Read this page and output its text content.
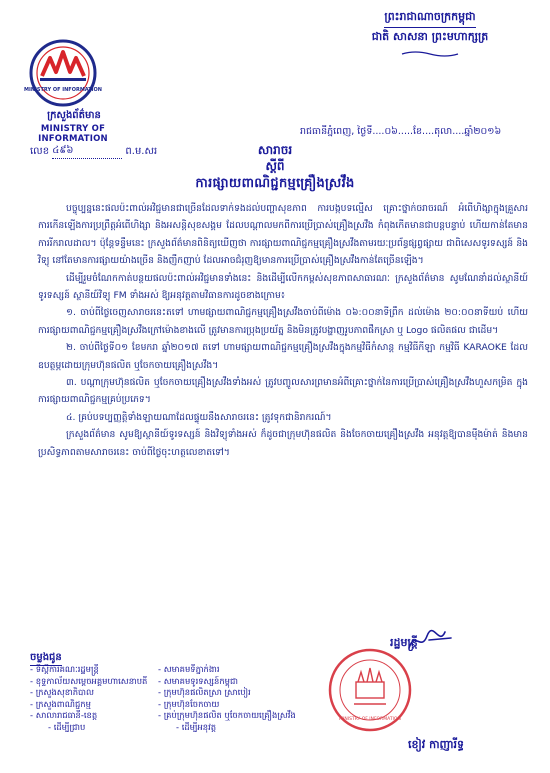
MINISTRY OF INFORMATION
ក្រសួងព័ត៌មាន
MINISTRY OF INFORMATION
លេខ ៤៩៦	ព.ម.សរ
ព្រះរាជាណាចក្រកម្ពុជា
ជាតិ សាសនា ព្រះមហាក្សត្រ
រាជធានីភ្នំពេញ, ថ្ងៃទី....០៦.....ខែ....តុលា....ឆ្នាំ២០១៦
សារាចរ
ស្តីពី
ការផ្សាយពាណិជ្ជកម្មគ្រឿងស្រវឹង

បច្ចុប្បន្ននេះផលប៉ះពាល់អវិជ្ជមានជាច្រើនដែលទាក់ទងដល់បញ្ហាសុខភាព ការបង្កបទល្មើស គ្រោះថ្នាក់ចរាចរណ៍ អំពើហិង្សាក្នុងគ្រួសារ ការកើនឡើងការប្រព្រឹត្តអំពើហិង្សា និងអសន្តិសុខសង្គម ដែលបណ្តាលមកពីការប្រើប្រាស់គ្រឿងស្រវឹង កំពុងកើតមានជាបន្តបន្ទាប់ ហើយកាន់តែមានការរីករាលដាល។ ប៉ុន្តែទន្ទឹមនេះ ក្រសួងព័ត៌មានពិនិត្យឃើញថា ការផ្សាយពាណិជ្ជកម្មគ្រឿងស្រវឹងតាមរយៈប្រព័ន្ធផ្សព្វផ្សាយ ជាពិសេសទូរទស្សន៍ និងវិទ្យុ នៅតែមានការផ្សាយយ៉ាងច្រើន និងញឹកញាប់ ដែលអាចជំរុញឱ្យមានការប្រើប្រាស់គ្រឿងស្រវឹងកាន់តែច្រើនឡើង។

ដើម្បីរួមចំណែកកាត់បន្ថយផលប៉ះពាល់អវិជ្ជមានទាំងនេះ និងដើម្បីលើកកម្ពស់សុខភាពសាធារណៈ ក្រសួងព័ត៌មាន សូមណែនាំដល់ស្ថានីយ៍ទូរទស្សន៍ ស្ថានីយ៍វិទ្យុ FM ទាំងអស់ ឱ្យអនុវត្តតាមវិធានការដូចខាងក្រោម៖

១. ចាប់ពីថ្ងៃចេញសារាចរនេះតទៅ ហាមផ្សាយពាណិជ្ជកម្មគ្រឿងស្រវឹងចាប់ពីម៉ោង ០៦:០០នាទីព្រឹក ដល់ម៉ោង ២០:០០នាទីយប់ ហើយការផ្សាយពាណិជ្ជកម្មគ្រឿងស្រវឹងក្រៅម៉ោងខាងលើ ត្រូវមានការប្រុងប្រយ័ត្ន និងមិនត្រូវបង្ហាញរូបភាពផឹកស្រា ឬ Logo ផលិតផល ជាដើម។

២. ចាប់ពីថ្ងៃទី០១ ខែមករា ឆ្នាំ២០១៧ តទៅ ហាមផ្សាយពាណិជ្ជកម្មគ្រឿងស្រវឹងក្នុងកម្មវិធីកំសាន្ត កម្មវិធីកីឡា កម្មវិធី KARAOKE ដែលឧបត្ថម្ភដោយក្រុមហ៊ុនផលិត ឬចែកចាយគ្រឿងស្រវឹង។

៣. បណ្តាក្រុមហ៊ុនផលិត ឬចែកចាយគ្រឿងស្រវឹងទាំងអស់ ត្រូវបញ្ចូលសារព្រមានអំពីគ្រោះថ្នាក់នៃការប្រើប្រាស់គ្រឿងស្រវឹងហួសកម្រិត ក្នុងការផ្សាយពាណិជ្ជកម្មគ្រប់ប្រភេទ។

៤. គ្រប់បទប្បញ្ញត្តិទាំងឡាយណាដែលផ្ទុយនឹងសារាចរនេះ ត្រូវទុកជានិរាករណ៍។

ក្រសួងព័ត៌មាន សូមឱ្យស្ថានីយ៍ទូរទស្សន៍ និងវិទ្យុទាំងអស់ ក៏ដូចជាក្រុមហ៊ុនផលិត និងចែកចាយគ្រឿងស្រវឹង អនុវត្តឱ្យបានម៉ឺងម៉ាត់ និងមានប្រសិទ្ធភាពតាមសារាចរនេះ ចាប់ពីថ្ងៃចុះហត្ថលេខាតទៅ។

ចម្លងជូន
- ទីស្តីការគណៈរដ្ឋមន្ត្រី
- ខុទ្ទកាល័យសម្តេចអគ្គមហាសេនាបតី
- ក្រសួងសុខាភិបាល
- ក្រសួងពាណិជ្ជកម្ម
- សាលារាជធានី-ខេត្ត
- ដើម្បីជ្រាប
- សមាគមទីភ្នាក់ងារ
- សមាគមទូរទស្សន៍កម្ពុជា
- ក្រុមហ៊ុនផលិតស្រា ស្រាបៀរ
- ក្រុមហ៊ុនចែកចាយ
- គ្រប់ក្រុមហ៊ុនផលិត ឬចែកចាយគ្រឿងស្រវឹង
- ដើម្បីអនុវត្ត
រដ្ឋមន្ត្រី
MINISTRY OF INFORMATION
ខៀវ កាញារីទ្ធ
